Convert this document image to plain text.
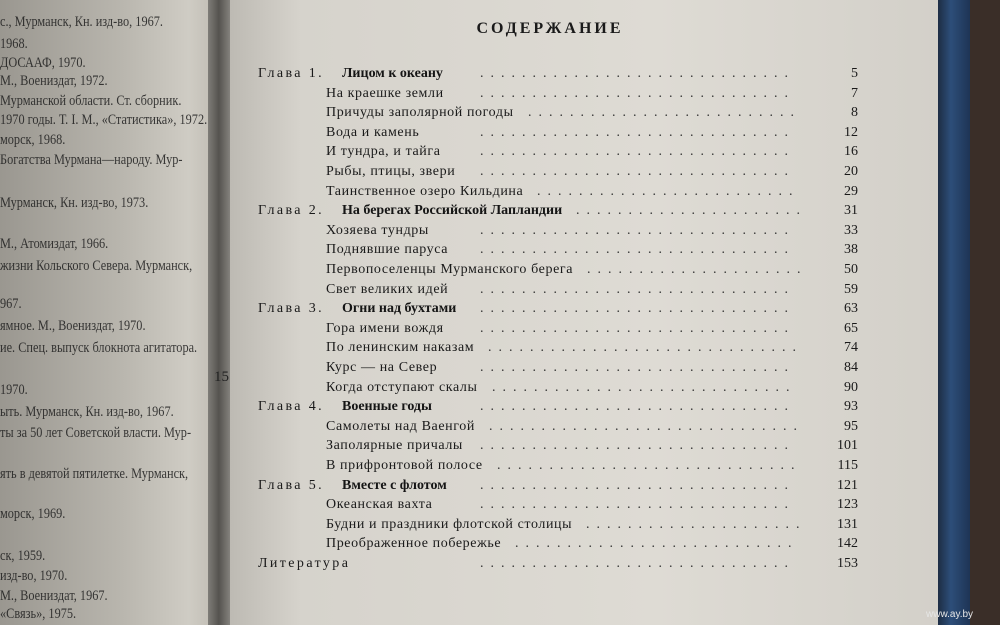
с., Мурманск, Кн. изд-во, 1967.
1968.
ДОСААФ, 1970.
М., Воениздат, 1972.
Мурманской области. Ст. сборник.
1970 годы. Т. I. М., «Статистика», 1972.
морск, 1968.
Богатства Мурмана—народу. Мур-
Мурманск, Кн. изд-во, 1973.
М., Атомиздат, 1966.
жизни Кольского Севера. Мурманск,
967.
ямное. М., Воениздат, 1970.
ие. Спец. выпуск блокнота агитатора.
1970.
ыть. Мурманск, Кн. изд-во, 1967.
ты за 50 лет Советской власти. Мур-
ять в девятой пятилетке. Мурманск,
морск, 1969.
ск, 1959.
изд-во, 1970.
М., Воениздат, 1967.
«Связь», 1975.
15
СОДЕРЖАНИЕ
Глава 1. Лицом к океану	5
..............................
На краешке земли	7
..............................
Причуды заполярной погоды	8
..........................
Вода и камень	12
..............................
И тундра, и тайга	16
..............................
Рыбы, птицы, звери	20
..............................
Таинственное озеро Кильдина	29
.........................
Глава 2. На берегах Российской Лапландии	31
......................
Хозяева тундры	33
..............................
Поднявшие паруса	38
..............................
Первопоселенцы Мурманского берега	50
.....................
Свет великих идей	59
..............................
Глава 3. Огни над бухтами	63
..............................
Гора имени вождя	65
..............................
По ленинским наказам	74
..............................
Курс — на Север	84
..............................
Когда отступают скалы	90
.............................
Глава 4. Военные годы	93
..............................
Самолеты над Ваенгой	95
..............................
Заполярные причалы	101
..............................
В прифронтовой полосе	115
.............................
Глава 5. Вместе с флотом	121
..............................
Океанская вахта	123
..............................
Будни и праздники флотской столицы	131
.....................
Преображенное побережье	142
...........................
Литература	153
..............................
www.ay.by
